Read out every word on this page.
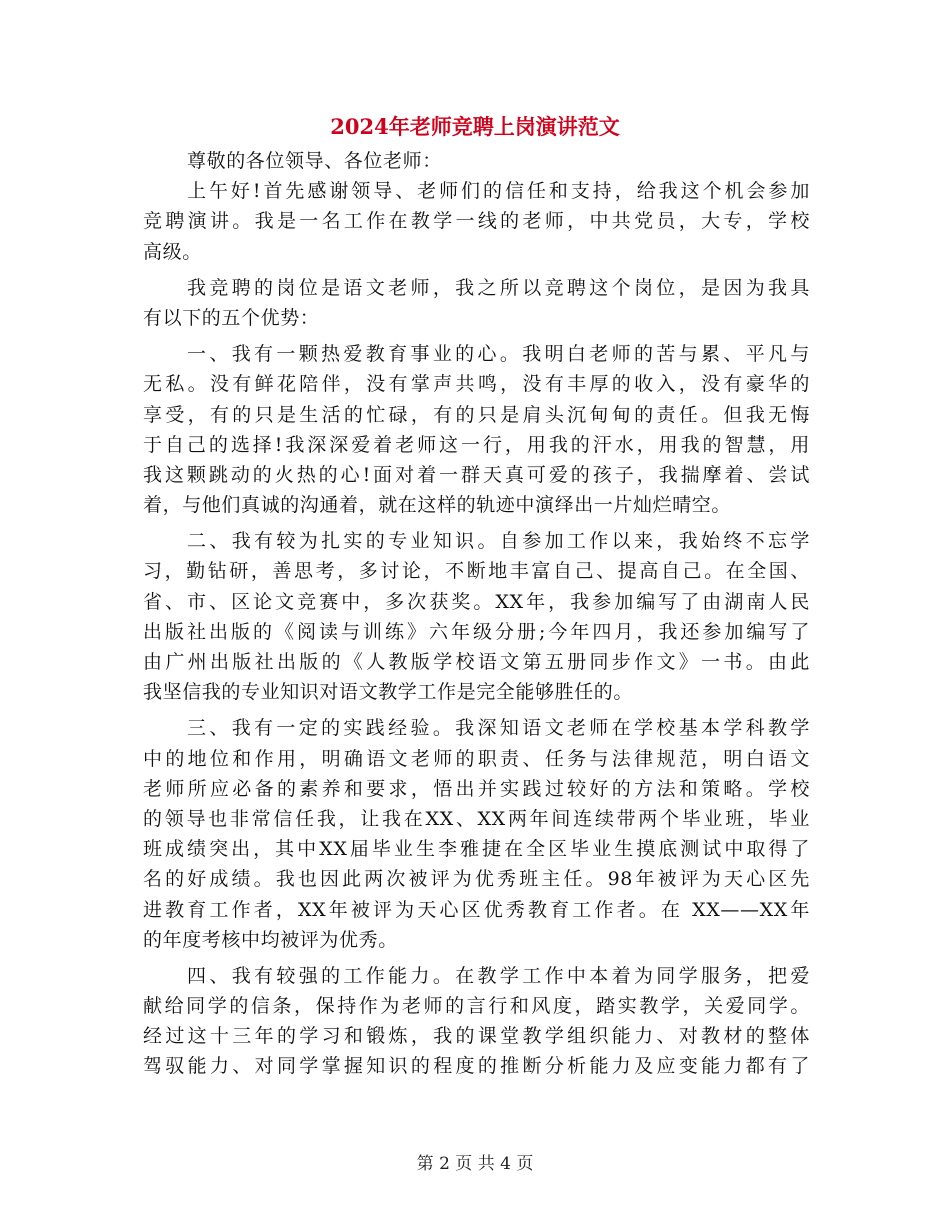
2024年老师竞聘上岗演讲范文
尊敬的各位领导、各位老师：
上午好!首先感谢领导、老师们的信任和支持，给我这个机会参加
竞聘演讲。我是一名工作在教学一线的老师，中共党员，大专，学校
高级。
我竞聘的岗位是语文老师，我之所以竞聘这个岗位，是因为我具
有以下的五个优势：
一、我有一颗热爱教育事业的心。我明白老师的苦与累、平凡与
无私。没有鲜花陪伴，没有掌声共鸣，没有丰厚的收入，没有豪华的
享受，有的只是生活的忙碌，有的只是肩头沉甸甸的责任。但我无悔
于自己的选择!我深深爱着老师这一行，用我的汗水，用我的智慧，用
我这颗跳动的火热的心!面对着一群天真可爱的孩子，我揣摩着、尝试
着，与他们真诚的沟通着，就在这样的轨迹中演绎出一片灿烂晴空。
二、我有较为扎实的专业知识。自参加工作以来，我始终不忘学
习，勤钻研，善思考，多讨论，不断地丰富自己、提高自己。在全国、
省、市、区论文竞赛中，多次获奖。XX年，我参加编写了由湖南人民
出版社出版的《阅读与训练》六年级分册;今年四月，我还参加编写了
由广州出版社出版的《人教版学校语文第五册同步作文》一书。由此
我坚信我的专业知识对语文教学工作是完全能够胜任的。
三、我有一定的实践经验。我深知语文老师在学校基本学科教学
中的地位和作用，明确语文老师的职责、任务与法律规范，明白语文
老师所应必备的素养和要求，悟出并实践过较好的方法和策略。学校
的领导也非常信任我，让我在XX、XX两年间连续带两个毕业班，毕业
班成绩突出，其中XX届毕业生李雅捷在全区毕业生摸底测试中取得了
名的好成绩。我也因此两次被评为优秀班主任。98年被评为天心区先
进教育工作者，XX年被评为天心区优秀教育工作者。在 XX——XX年
的年度考核中均被评为优秀。
四、我有较强的工作能力。在教学工作中本着为同学服务，把爱
献给同学的信条，保持作为老师的言行和风度，踏实教学，关爱同学。
经过这十三年的学习和锻炼，我的课堂教学组织能力、对教材的整体
驾驭能力、对同学掌握知识的程度的推断分析能力及应变能力都有了
第 2 页 共 4 页
